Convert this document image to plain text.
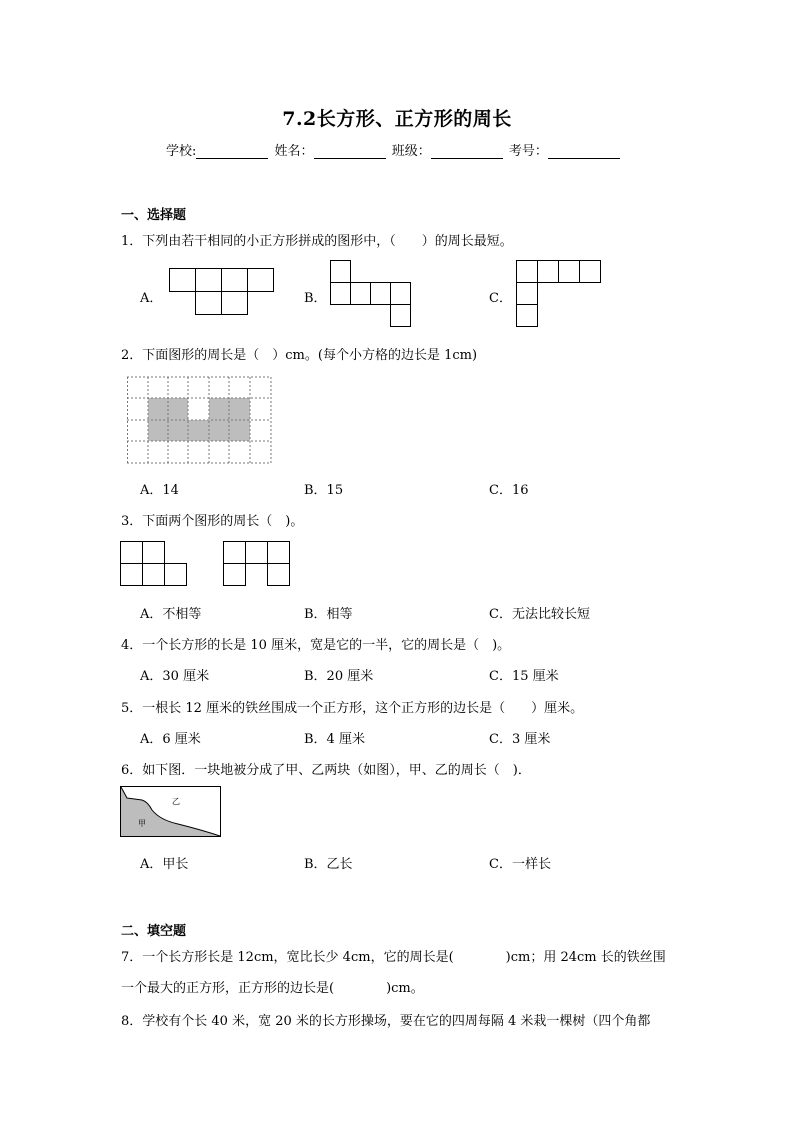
7.2长方形、正方形的周长
学校:	姓名：	班级：	考号：
一、选择题
1．下列由若干相同的小正方形拼成的图形中，（　　）的周长最短。
A．	B．	C．
2．下面图形的周长是（　）cm。(每个小方格的边长是 1cm)
A．14	B．15	C．16
3．下面两个图形的周长（　)。
A．不相等	B．相等	C．无法比较长短
4．一个长方形的长是 10 厘米，宽是它的一半，它的周长是（　)。
A．30 厘米	B．20 厘米	C．15 厘米
5．一根长 12 厘米的铁丝围成一个正方形，这个正方形的边长是（　　）厘米。
A．6 厘米	B．4 厘米	C．3 厘米
6．如下图．一块地被分成了甲、乙两块（如图），甲、乙的周长（　)．
甲
乙
A．甲长	B．乙长	C．一样长
二、填空题
7．一个长方形长是 12cm，宽比长少 4cm，它的周长是(　　　　)cm；用 24cm 长的铁丝围
一个最大的正方形，正方形的边长是(　　　　)cm。
8．学校有个长 40 米，宽 20 米的长方形操场，要在它的四周每隔 4 米栽一棵树（四个角都
